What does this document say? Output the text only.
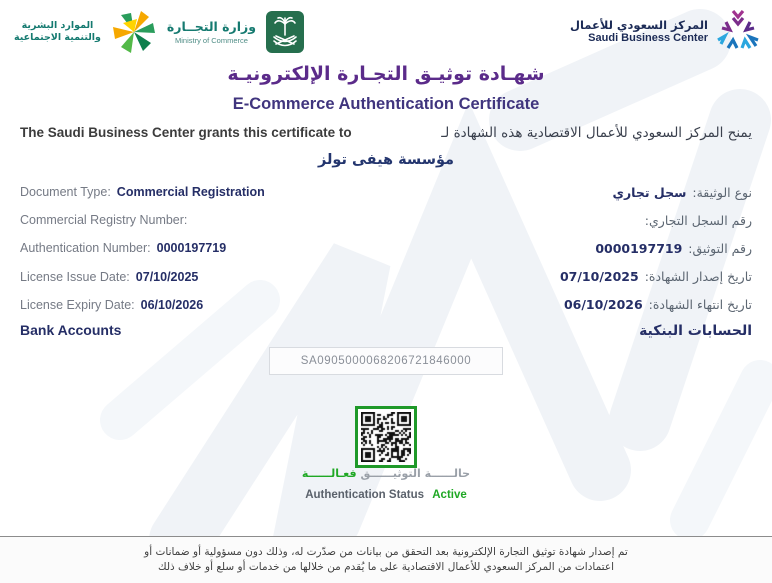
الموارد البشرية
والتنمية الاجتماعية
وزارة التجــارة
Ministry of Commerce
المركز السعودي للأعمال
Saudi Business Center
شهـادة توثيـق التجـارة الإلكترونيـة
E-Commerce Authentication Certificate
The Saudi Business Center grants this certificate to	يمنح المركز السعودي للأعمال الاقتصادية هذه الشهادة لـ
مؤسسة هيفى تولز
Document Type: Commercial Registration	نوع الوثيقة:سجل تجاري
Commercial Registry Number:	رقم السجل التجاري:
Authentication Number: 0000197719	رقم التوثيق:0000197719
License Issue Date: 07/10/2025	تاريخ إصدار الشهادة:07/10/2025
License Expiry Date: 06/10/2026	تاريخ انتهاء الشهادة:06/10/2026
Bank Accounts	الحسابات البنكية
SA0905000068206721846000
حالــــــة التوثيــــــق فعـالــــــة
Authentication Status Active
تم إصدار شهادة توثيق التجارة الإلكترونية بعد التحقق من بيانات من صدّرت له، وذلك دون مسؤولية أو ضمانات أو
اعتمادات من المركز السعودي للأعمال الاقتصادية على ما يُقدم من خلالها من خدمات أو سلع أو خلاف ذلك
